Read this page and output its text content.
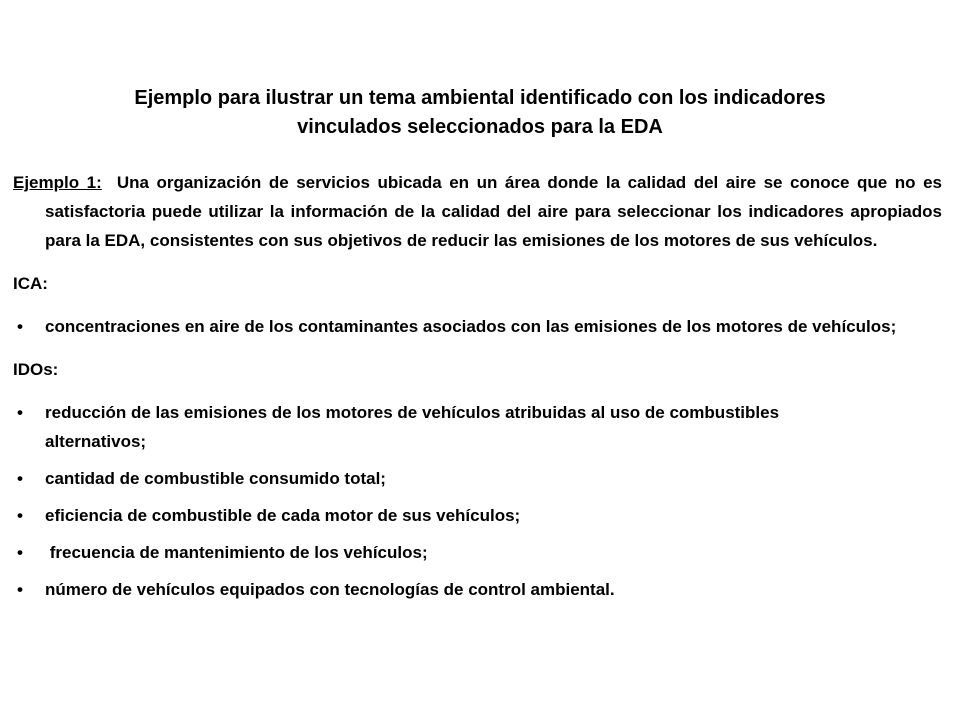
Ejemplo para ilustrar un tema ambiental identificado con los indicadores
vinculados seleccionados para la EDA

Ejemplo 1: Una organización de servicios ubicada en un área donde la calidad del aire se conoce que no es satisfactoria puede utilizar la información de la calidad del aire para seleccionar los indicadores apropiados para la EDA, consistentes con sus objetivos de reducir las emisiones de los motores de sus vehículos.

ICA:

• concentraciones en aire de los contaminantes asociados con las emisiones de los motores de vehículos;

IDOs:

• reducción de las emisiones de los motores de vehículos atribuidas al uso de combustibles alternativos;
• cantidad de combustible consumido total;
• eficiencia de combustible de cada motor de sus vehículos;
• frecuencia de mantenimiento de los vehículos;
• número de vehículos equipados con tecnologías de control ambiental.
